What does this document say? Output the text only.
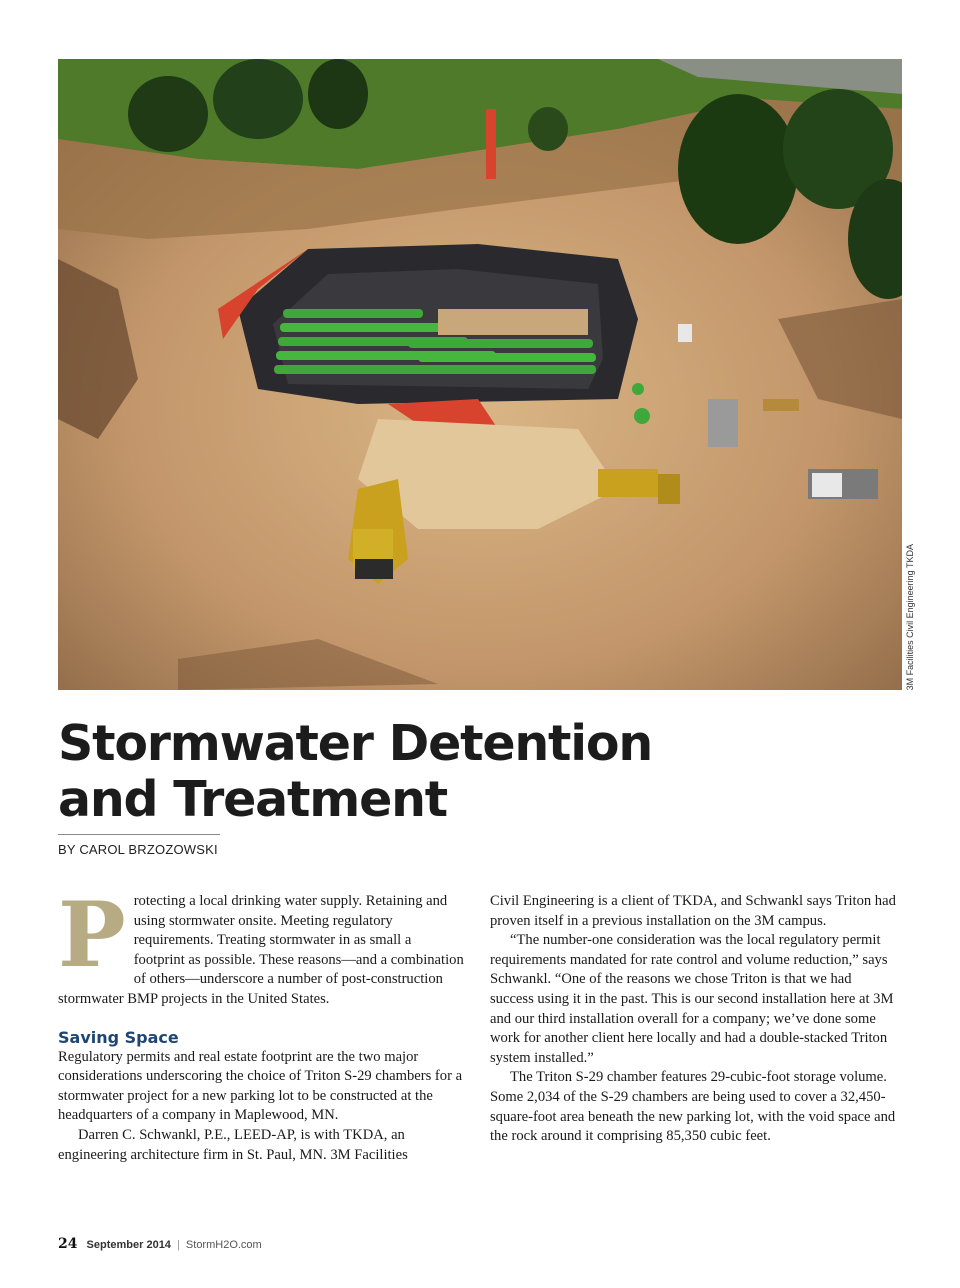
3M Facilities Civil Engineering TKDA
Stormwater Detention
and Treatment
BY CAROL BRZOZOWSKI

Protecting a local drinking water supply. Retaining and using stormwater onsite. Meeting regulatory requirements. Treating stormwater in as small a footprint as possible. These reasons—and a combination of others—underscore a number of post-construction stormwater BMP projects in the United States.

Saving Space

Regulatory permits and real estate footprint are the two major considerations underscoring the choice of Triton S-29 chambers for a stormwater project for a new parking lot to be constructed at the headquarters of a company in Maplewood, MN.

Darren C. Schwankl, P.E., LEED-AP, is with TKDA, an engineering architecture firm in St. Paul, MN. 3M Facilities

Civil Engineering is a client of TKDA, and Schwankl says Triton had proven itself in a previous installation on the 3M campus.

“The number-one consideration was the local regulatory permit requirements mandated for rate control and volume reduction,” says Schwankl. “One of the reasons we chose Triton is that we had success using it in the past. This is our second installation here at 3M and our third installation overall for a company; we’ve done some work for another client here locally and had a double-stacked Triton system installed.”

The Triton S-29 chamber features 29-cubic-foot storage volume. Some 2,034 of the S-29 chambers are being used to cover a 32,450-square-foot area beneath the new parking lot, with the void space and the rock around it comprising 85,350 cubic feet.

24 September 2014 | StormH2O.com
